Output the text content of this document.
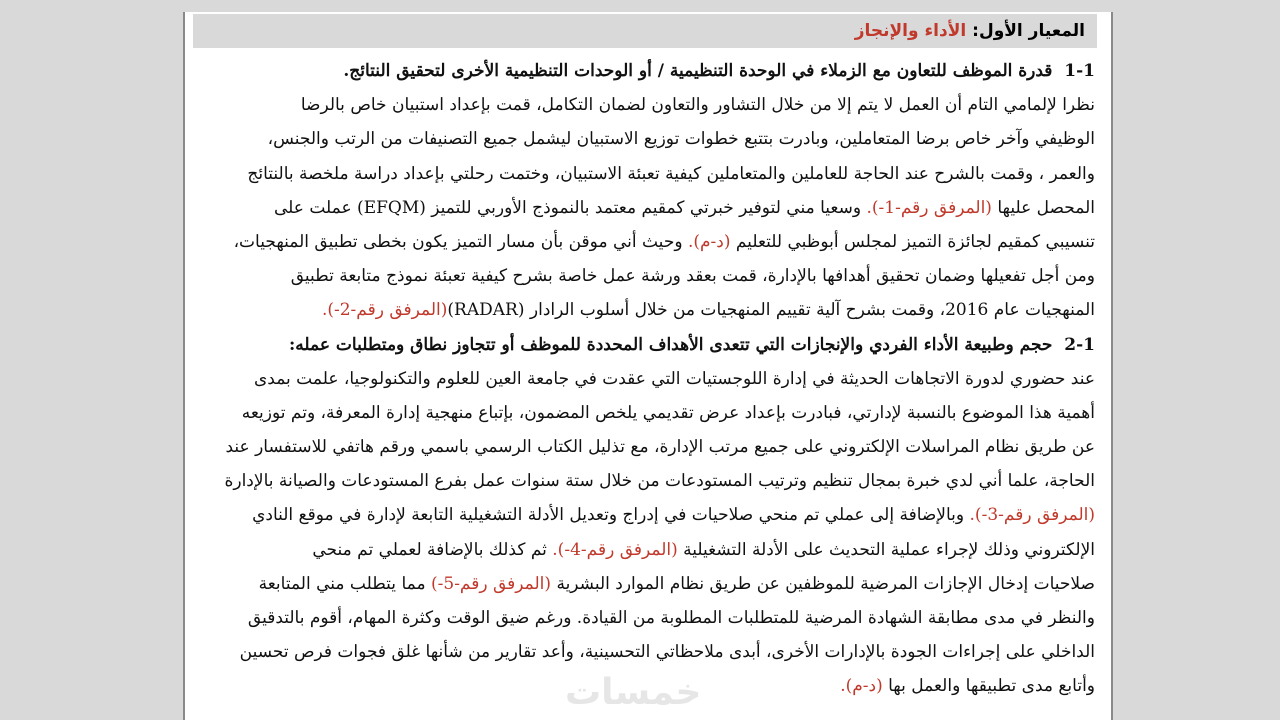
المعيار الأول: الأداء والإنجاز
1-1  قدرة الموظف للتعاون مع الزملاء في الوحدة التنظيمية / أو الوحدات التنظيمية الأخرى لتحقيق النتائج.
نظرا لإلمامي التام أن العمل لا يتم إلا من خلال التشاور والتعاون لضمان التكامل، قمت بإعداد استبيان خاص بالرضا
الوظيفي وآخر خاص برضا المتعاملين، وبادرت بتتبع خطوات توزيع الاستبيان ليشمل جميع التصنيفات من الرتب والجنس،
والعمر ، وقمت بالشرح عند الحاجة للعاملين والمتعاملين كيفية تعبئة الاستبيان، وختمت رحلتي بإعداد دراسة ملخصة بالنتائج
المحصل عليها (المرفق رقم-1-). وسعيا مني لتوفير خبرتي كمقيم معتمد بالنموذج الأوربي للتميز (EFQM) عملت على
تنسيبي كمقيم لجائزة التميز لمجلس أبوظبي للتعليم (د-م). وحيث أني موقن بأن مسار التميز يكون بخطى تطبيق المنهجيات،
ومن أجل تفعيلها وضمان تحقيق أهدافها بالإدارة، قمت بعقد ورشة عمل خاصة بشرح كيفية تعبئة نموذج متابعة تطبيق
المنهجيات عام 2016، وقمت بشرح آلية تقييم المنهجيات من خلال أسلوب الرادار (RADAR)(المرفق رقم-2-).
2-1  حجم وطبيعة الأداء الفردي والإنجازات التي تتعدى الأهداف المحددة للموظف أو تتجاوز نطاق ومتطلبات عمله:
عند حضوري لدورة الاتجاهات الحديثة في إدارة اللوجستيات التي عقدت في جامعة العين للعلوم والتكنولوجيا، علمت بمدى
أهمية هذا الموضوع بالنسبة لإدارتي، فبادرت بإعداد عرض تقديمي يلخص المضمون، بإتباع منهجية إدارة المعرفة، وتم توزيعه
عن طريق نظام المراسلات الإلكتروني على جميع مرتب الإدارة، مع تذليل الكتاب الرسمي باسمي ورقم هاتفي للاستفسار عند
الحاجة، علما أني لدي خبرة بمجال تنظيم وترتيب المستودعات من خلال ستة سنوات عمل بفرع المستودعات والصيانة بالإدارة
(المرفق رقم-3-). وبالإضافة إلى عملي تم منحي صلاحيات في إدراج وتعديل الأدلة التشغيلية التابعة لإدارة في موقع النادي
الإلكتروني وذلك لإجراء عملية التحديث على الأدلة التشغيلية (المرفق رقم-4-). ثم كذلك بالإضافة لعملي تم منحي
صلاحيات إدخال الإجازات المرضية للموظفين عن طريق نظام الموارد البشرية (المرفق رقم-5-) مما يتطلب مني المتابعة
والنظر في مدى مطابقة الشهادة المرضية للمتطلبات المطلوبة من القيادة. ورغم ضيق الوقت وكثرة المهام، أقوم بالتدقيق
الداخلي على إجراءات الجودة بالإدارات الأخرى، أبدى ملاحظاتي التحسينية، وأعد تقارير من شأنها غلق فجوات فرص تحسين
وأتابع مدى تطبيقها والعمل بها (د-م).
خمسات
